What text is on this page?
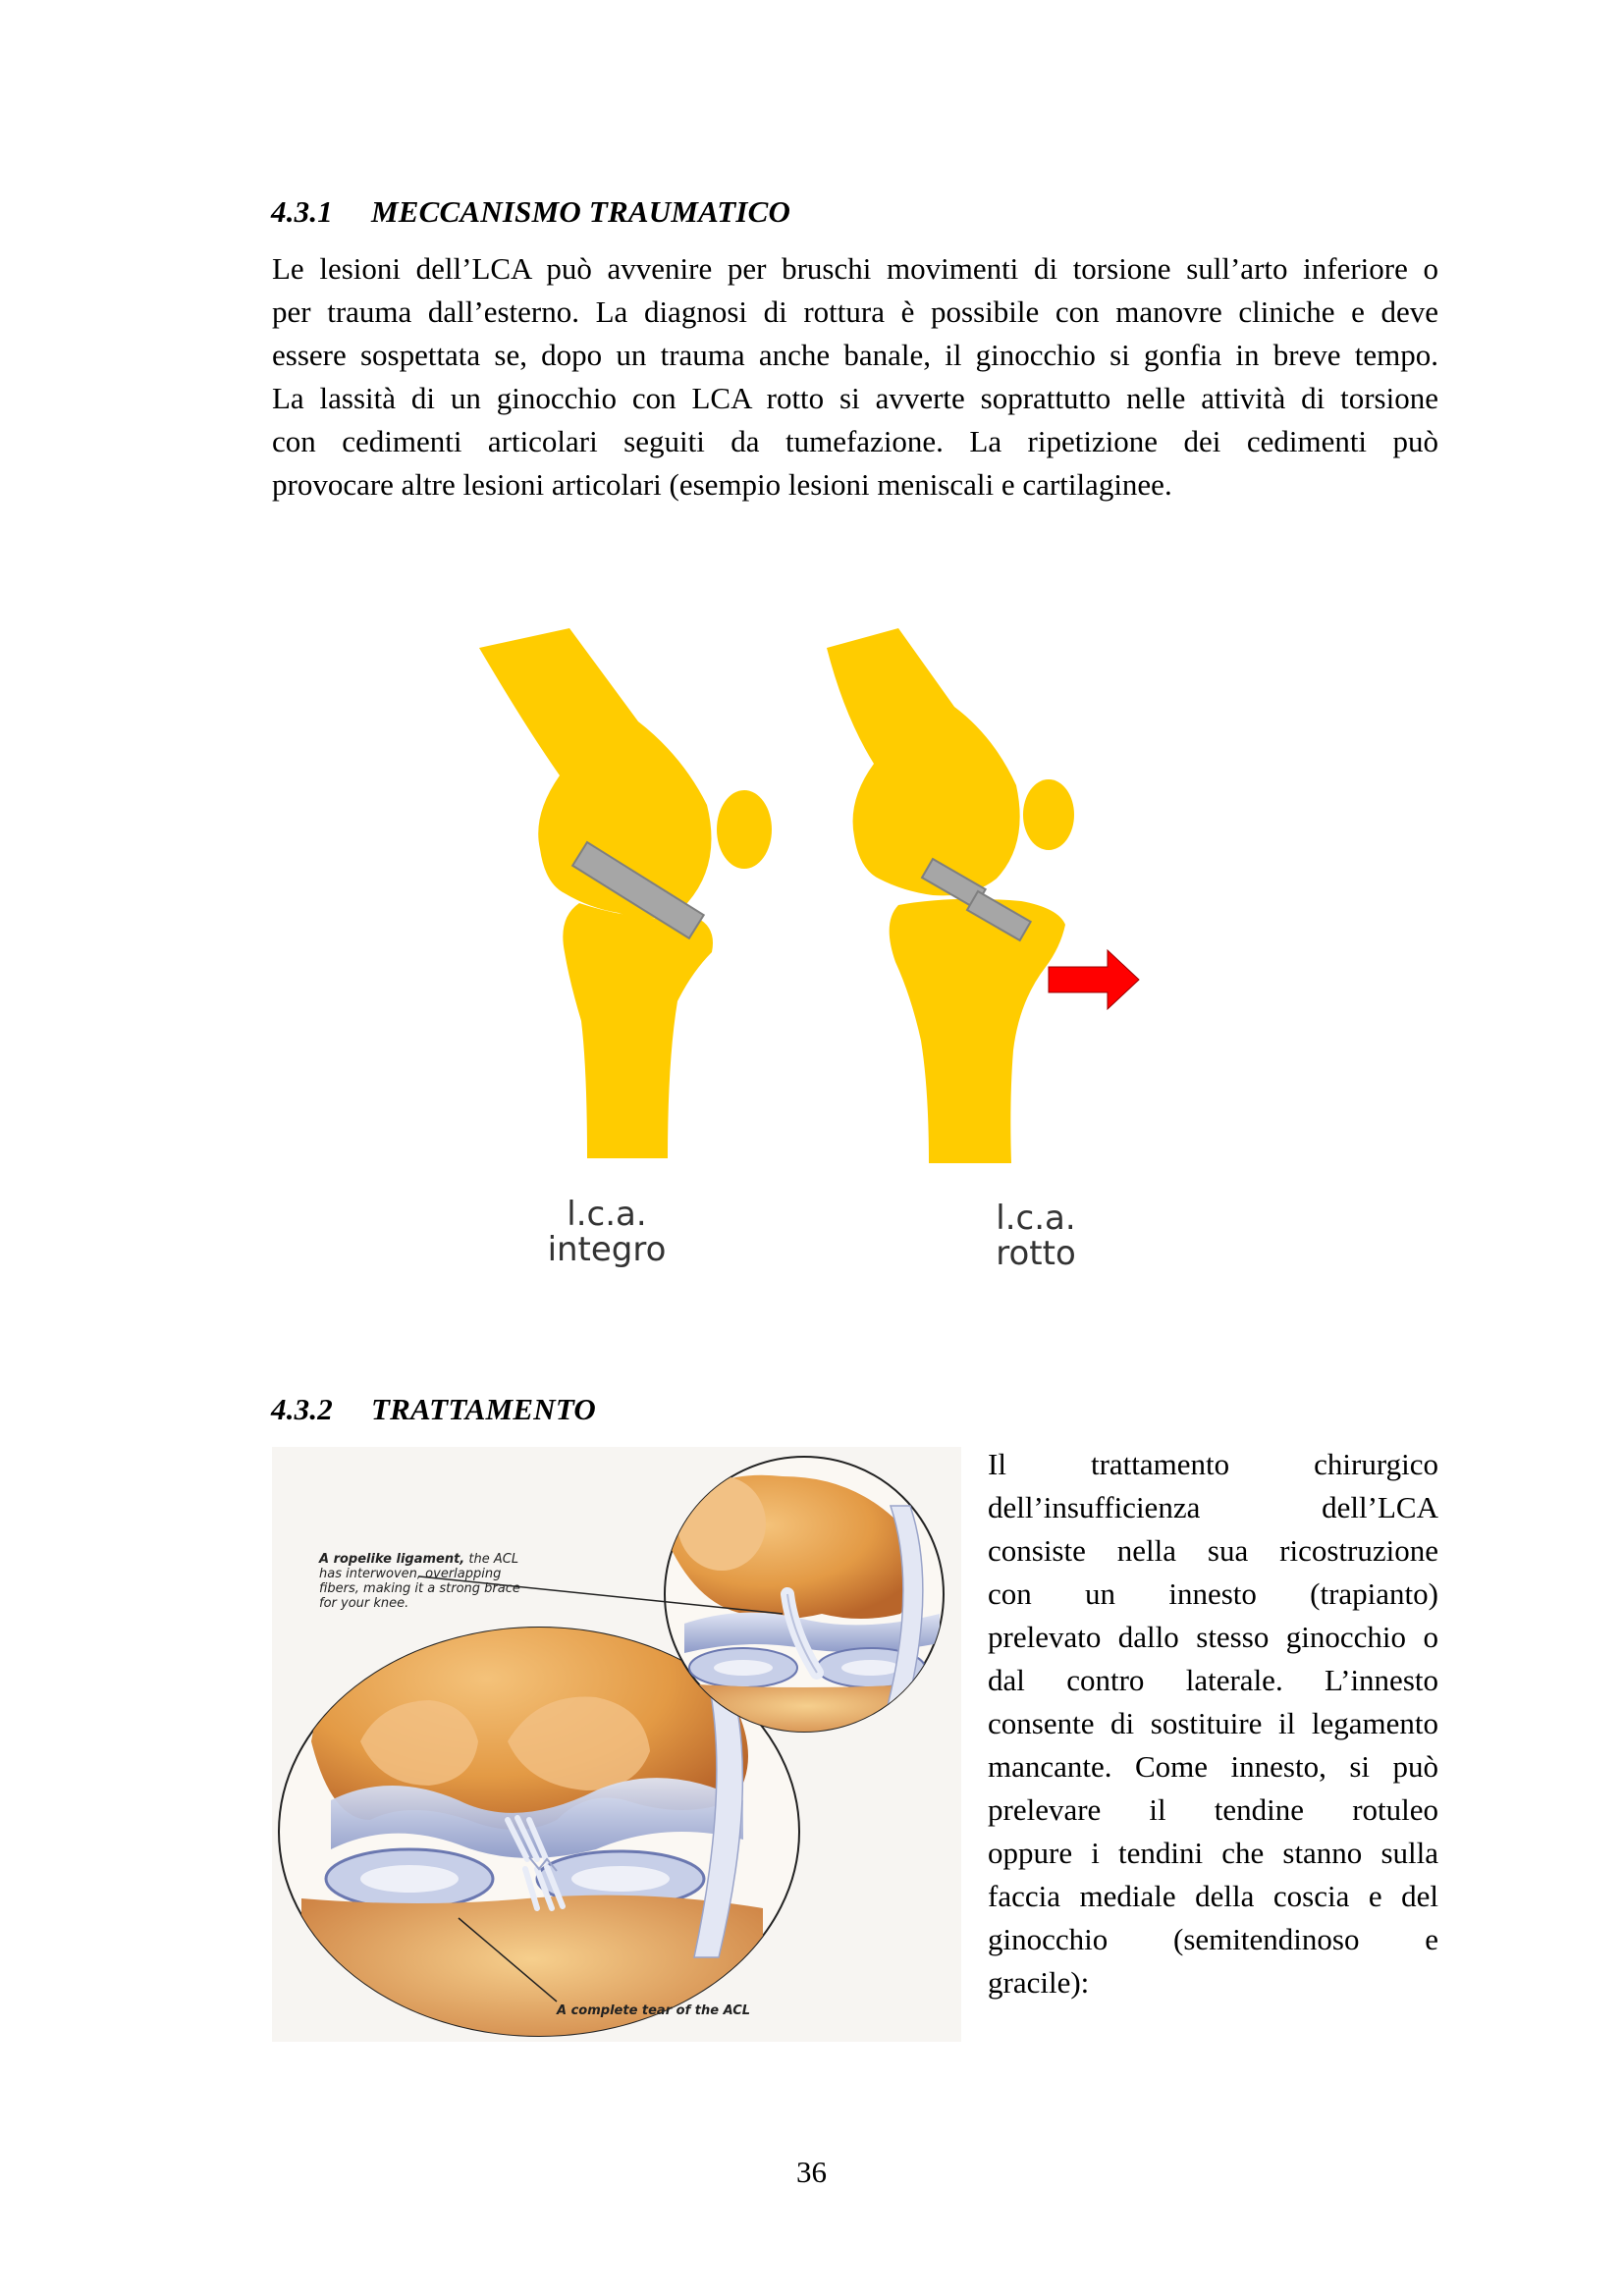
4.3.1 MECCANISMO TRAUMATICO
Le lesioni dell’LCA può avvenire per bruschi movimenti di torsione sull’arto inferiore o
per trauma dall’esterno. La diagnosi di rottura è possibile con manovre cliniche e deve
essere sospettata se, dopo un trauma anche banale, il ginocchio si gonfia in breve tempo.
La lassità di un ginocchio con LCA rotto si avverte soprattutto nelle attività di torsione
con cedimenti articolari seguiti da tumefazione. La ripetizione dei cedimenti può
provocare altre lesioni articolari (esempio lesioni meniscali e cartilaginee.
l.c.a.
integro
l.c.a.
rotto
4.3.2 TRATTAMENTO
A ropelike ligament, the ACL
has interwoven, overlapping
fibers, making it a strong brace
for your knee.
A complete tear of the ACL
Il trattamento chirurgico
dell’insufficienza dell’LCA
consiste nella sua ricostruzione
con un innesto (trapianto)
prelevato dallo stesso ginocchio o
dal contro laterale. L’innesto
consente di sostituire il legamento
mancante. Come innesto, si può
prelevare il tendine rotuleo
oppure i tendini che stanno sulla
faccia mediale della coscia e del
ginocchio (semitendinoso e
gracile):
36
